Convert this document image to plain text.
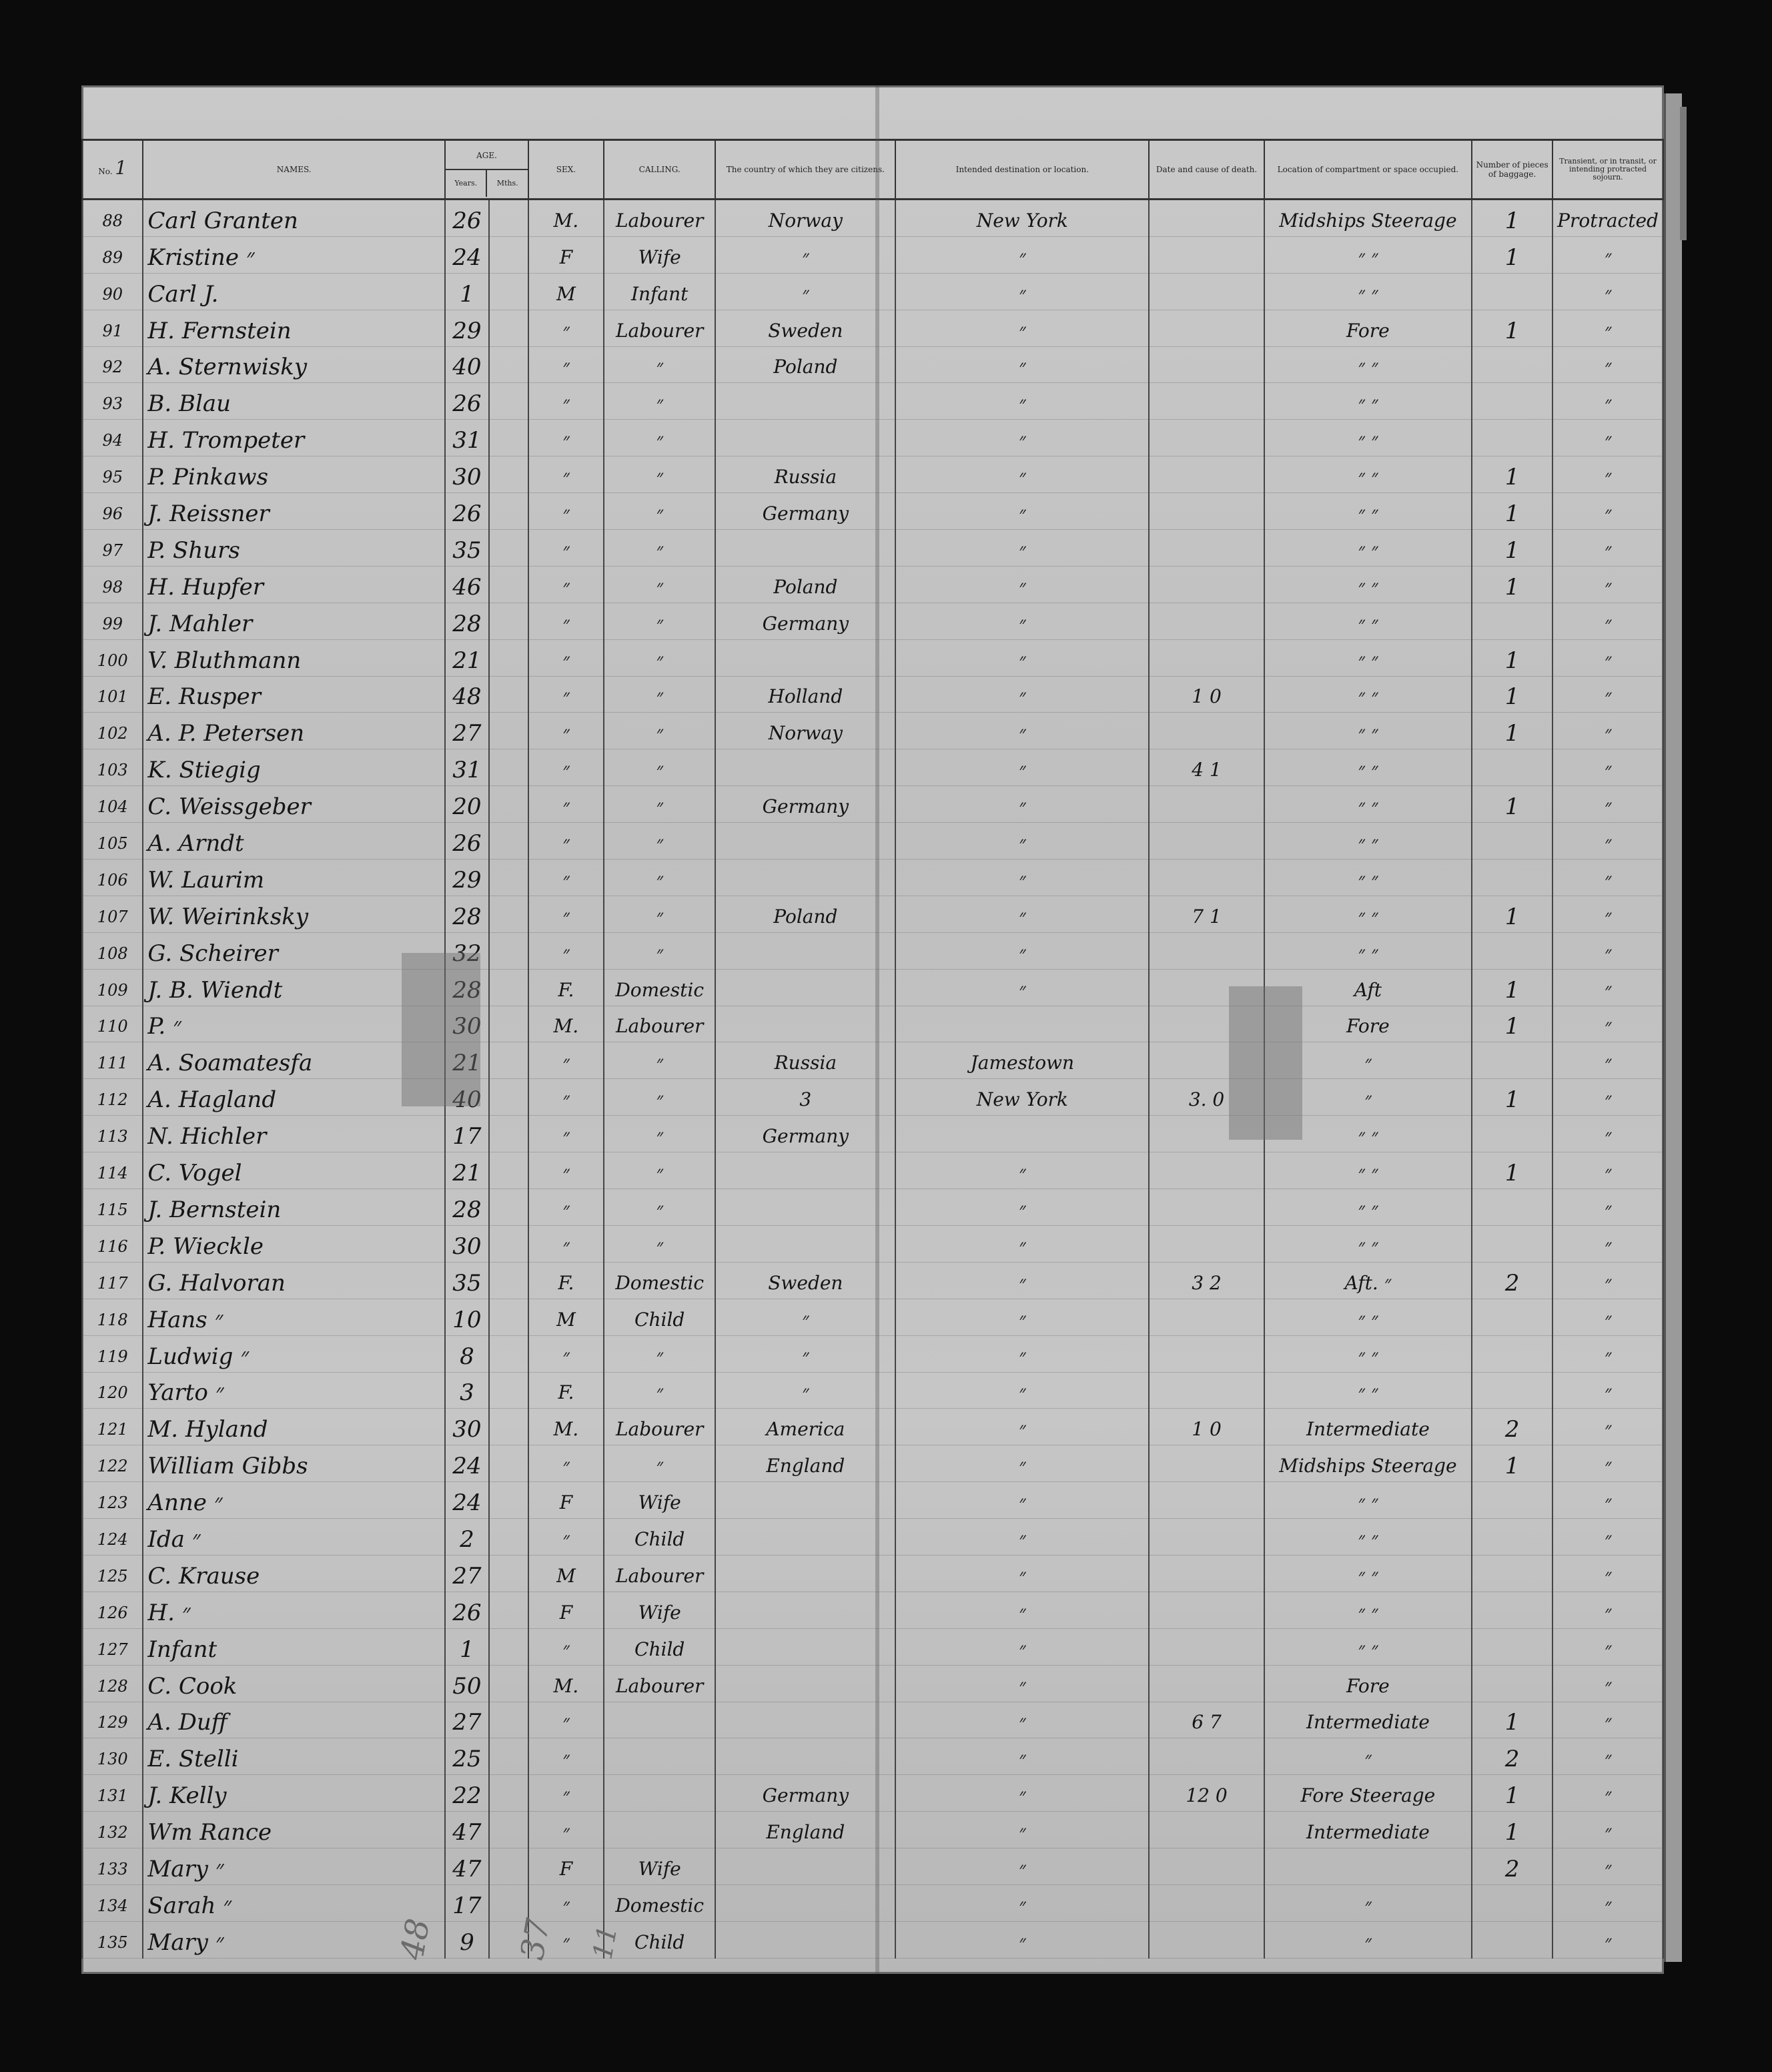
No. 1	NAMES.	AGE.
Years. Mths.		SEX.	CALLING.	The country of which they are citizens.	Intended destination or location.	Date and cause of death.	Location of compartment or space occupied.	Number of pieces of baggage.	Transient, or in transit, or intending protracted sojourn.
88	Carl Granten	26		M.	Labourer	Norway	New York		Midships Steerage	1	Protracted
89	Kristine ״	24		F	Wife	״	״		״ ״	1	״
90	Carl J.	1		M	Infant	״	״		״ ״		״
91	H. Fernstein	29		״	Labourer	Sweden	״		Fore	1	״
92	A. Sternwisky	40		״	״	Poland	״		״ ״		״
93	B. Blau	26		״	״		״		״ ״		״
94	H. Trompeter	31		״	״		״		״ ״		״
95	P. Pinkaws	30		״	״	Russia	״		״ ״	1	״
96	J. Reissner	26		״	״	Germany	״		״ ״	1	״
97	P. Shurs	35		״	״		״		״ ״	1	״
98	H. Hupfer	46		״	״	Poland	״		״ ״	1	״
99	J. Mahler	28		״	״	Germany	״		״ ״		״
100	V. Bluthmann	21		״	״		״		״ ״	1	״
101	E. Rusper	48		״	״	Holland	״	1 0	״ ״	1	״
102	A. P. Petersen	27		״	״	Norway	״		״ ״	1	״
103	K. Stiegig	31		״	״		״	4 1	״ ״		״
104	C. Weissgeber	20		״	״	Germany	״		״ ״	1	״
105	A. Arndt	26		״	״		״		״ ״		״
106	W. Laurim	29		״	״		״		״ ״		״
107	W. Weirinksky	28		״	״	Poland	״	7 1	״ ״	1	״
108	G. Scheirer	32		״	״		״		״ ״		״
109	J. B. Wiendt	28		F.	Domestic		״		Aft	1	״
110	P. ״	30		M.	Labourer				Fore	1	״
111	A. Soamatesfa	21		״	״	Russia	Jamestown		״		״
112	A. Hagland	40		״	״	3	New York	3. 0	״	1	״
113	N. Hichler	17		״	״	Germany			״ ״		״
114	C. Vogel	21		״	״		״		״ ״	1	״
115	J. Bernstein	28		״	״		״		״ ״		״
116	P. Wieckle	30		״	״		״		״ ״		״
117	G. Halvoran	35		F.	Domestic	Sweden	״	3 2	Aft. ״	2	״
118	Hans ״	10		M	Child	״	״		״ ״		״
119	Ludwig ״	8		״	״	״	״		״ ״		״
120	Yarto ״	3		F.	״	״	״		״ ״		״
121	M. Hyland	30		M.	Labourer	America	״	1 0	Intermediate	2	״
122	William Gibbs	24		״	״	England	״		Midships Steerage	1	״
123	Anne ״	24		F	Wife		״		״ ״		״
124	Ida ״	2		״	Child		״		״ ״		״
125	C. Krause	27		M	Labourer		״		״ ״		״
126	H. ״	26		F	Wife		״		״ ״		״
127	Infant	1		״	Child		״		״ ״		״
128	C. Cook	50		M.	Labourer		״		Fore		״
129	A. Duff	27		״			״	6 7	Intermediate	1	״
130	E. Stelli	25		״			״		״	2	״
131	J. Kelly	22		״		Germany	״	12 0	Fore Steerage	1	״
132	Wm Rance	47		״		England	״		Intermediate	1	״
133	Mary ״	47		F	Wife		״			2	״
134	Sarah ״	17		״	Domestic		״		״		״
135	Mary ״	9		״	Child		״		״		״
48 37 11
